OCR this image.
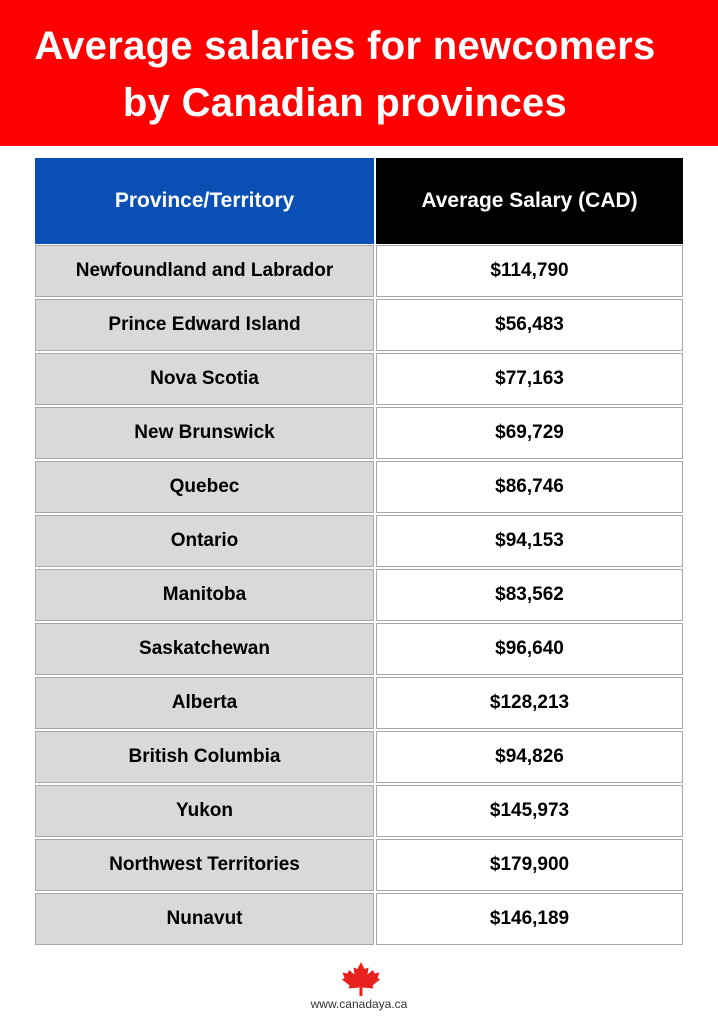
Average salaries for newcomers
by Canadian provinces
Province/Territory	Average Salary (CAD)
Newfoundland and Labrador	$114,790
Prince Edward Island	$56,483
Nova Scotia	$77,163
New Brunswick	$69,729
Quebec	$86,746
Ontario	$94,153
Manitoba	$83,562
Saskatchewan	$96,640
Alberta	$128,213
British Columbia	$94,826
Yukon	$145,973
Northwest Territories	$179,900
Nunavut	$146,189
www.canadaya.ca
